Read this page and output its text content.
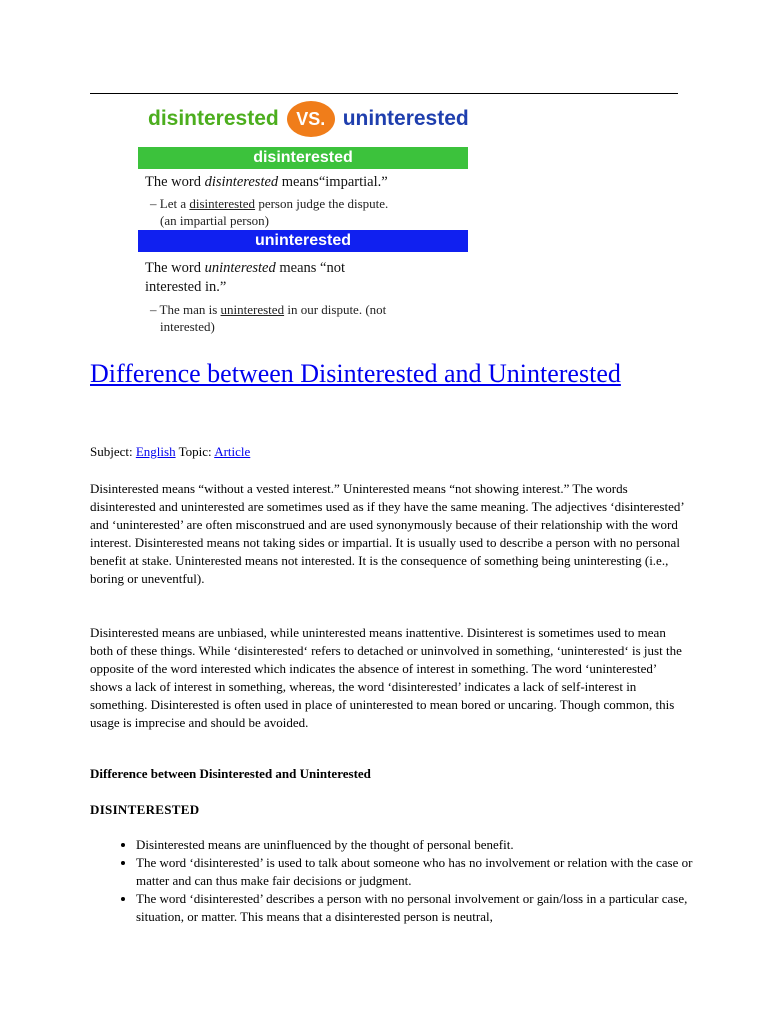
disinterested VS. uninterested
disinterested
The word disinterested means“impartial.”
– Let a disinterested person judge the dispute.
(an impartial person)
uninterested
The word uninterested means “not
interested in.”
– The man is uninterested in our dispute. (not
interested)
Difference between Disinterested and Uninterested
Subject: English Topic: Article

Disinterested means “without a vested interest.” Uninterested means “not showing interest.” The words disinterested and uninterested are sometimes used as if they have the same meaning. The adjectives ‘disinterested’ and ‘uninterested’ are often misconstrued and are used synonymously because of their relationship with the word interest. Disinterested means not taking sides or impartial. It is usually used to describe a person with no personal benefit at stake. Uninterested means not interested. It is the consequence of something being uninteresting (i.e., boring or uneventful).

Disinterested means are unbiased, while uninterested means inattentive. Disinterest is sometimes used to mean both of these things. While ‘disinterested‘ refers to detached or uninvolved in something, ‘uninterested‘ is just the opposite of the word interested which indicates the absence of interest in something. The word ‘uninterested’ shows a lack of interest in something, whereas, the word ‘disinterested’ indicates a lack of self-interest in something. Disinterested is often used in place of uninterested to mean bored or uncaring. Though common, this usage is imprecise and should be avoided.

Difference between Disinterested and Uninterested
DISINTERESTED
• Disinterested means are uninfluenced by the thought of personal benefit.
• The word ‘disinterested’ is used to talk about someone who has no involvement or relation with the case or matter and can thus make fair decisions or judgment.
• The word ‘disinterested’ describes a person with no personal involvement or gain/loss in a particular case, situation, or matter. This means that a disinterested person is neutral,
